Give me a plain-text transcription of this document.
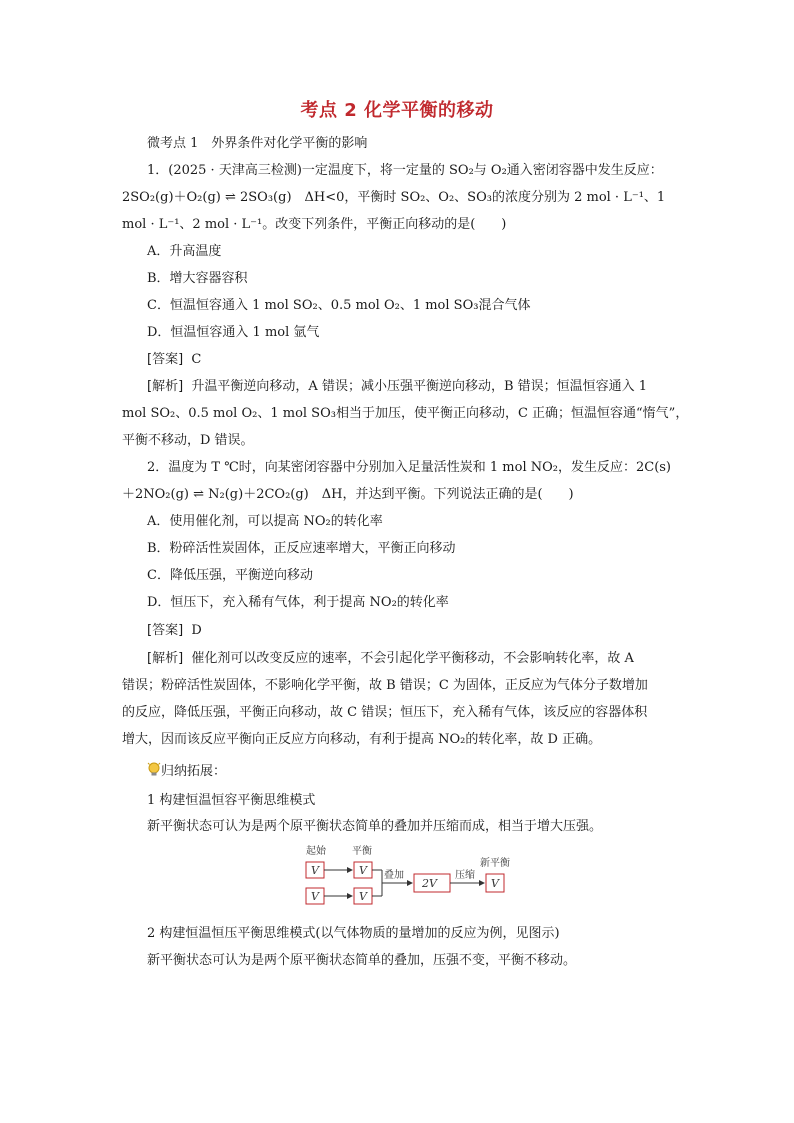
考点 2 化学平衡的移动
微考点 1　外界条件对化学平衡的影响
1．(2025 · 天津高三检测)一定温度下，将一定量的 SO₂与 O₂通入密闭容器中发生反应：
2SO₂(g)＋O₂(g) ⇌ 2SO₃(g)　ΔH<0，平衡时 SO₂、O₂、SO₃的浓度分别为 2 mol · L⁻¹、1
mol · L⁻¹、2 mol · L⁻¹。改变下列条件，平衡正向移动的是(　　)
A．升高温度
B．增大容器容积
C．恒温恒容通入 1 mol SO₂、0.5 mol O₂、1 mol SO₃混合气体
D．恒温恒容通入 1 mol 氩气
[答案] C
[解析] 升温平衡逆向移动，A 错误；减小压强平衡逆向移动，B 错误；恒温恒容通入 1
mol SO₂、0.5 mol O₂、1 mol SO₃相当于加压，使平衡正向移动，C 正确；恒温恒容通“惰气”，
平衡不移动，D 错误。
2．温度为 T ℃时，向某密闭容器中分别加入足量活性炭和 1 mol NO₂，发生反应：2C(s)
＋2NO₂(g) ⇌ N₂(g)＋2CO₂(g)　ΔH，并达到平衡。下列说法正确的是(　　)
A．使用催化剂，可以提高 NO₂的转化率
B．粉碎活性炭固体，正反应速率增大，平衡正向移动
C．降低压强，平衡逆向移动
D．恒压下，充入稀有气体，利于提高 NO₂的转化率
[答案] D
[解析] 催化剂可以改变反应的速率，不会引起化学平衡移动，不会影响转化率，故 A
错误；粉碎活性炭固体，不影响化学平衡，故 B 错误；C 为固体，正反应为气体分子数增加
的反应，降低压强，平衡正向移动，故 C 错误；恒压下，充入稀有气体，该反应的容器体积
增大，因而该反应平衡向正反应方向移动，有利于提高 NO₂的转化率，故 D 正确。
归纳拓展：
1 构建恒温恒容平衡思维模式
新平衡状态可认为是两个原平衡状态简单的叠加并压缩而成，相当于增大压强。
起始	平衡
新平衡
V
V
V
V
叠加
2V
压缩
V
2 构建恒温恒压平衡思维模式(以气体物质的量增加的反应为例，见图示)
新平衡状态可认为是两个原平衡状态简单的叠加，压强不变，平衡不移动。
